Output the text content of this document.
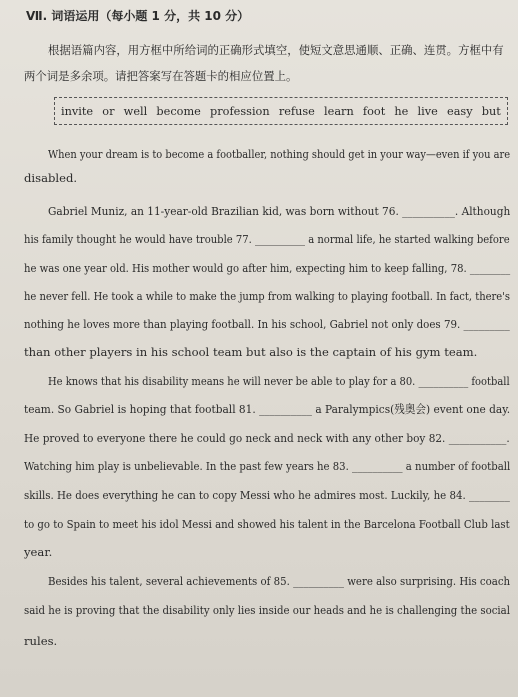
Ⅶ. 词语运用（每小题 1 分，共 10 分）
根据语篇内容，用方框中所给词的正确形式填空，使短文意思通顺、正确、连贯。方框中有
两个词是多余项。请把答案写在答题卡的相应位置上。
invite or well become profession refuse learn foot he live easy but
When your dream is to become a footballer, nothing should get in your way—even if you are
disabled.
Gabriel Muniz, an 11-year-old Brazilian kid, was born without 76. __________. Although
his family thought he would have trouble 77. __________ a normal life, he started walking before
he was one year old. His mother would go after him, expecting him to keep falling, 78. ________
he never fell. He took a while to make the jump from walking to playing football. In fact, there's
nothing he loves more than playing football. In his school, Gabriel not only does 79. _________
than other players in his school team but also is the captain of his gym team.
He knows that his disability means he will never be able to play for a 80. __________ football
team. So Gabriel is hoping that football 81. __________ a Paralympics(残奥会) event one day.
He proved to everyone there he could go neck and neck with any other boy 82. ___________.
Watching him play is unbelievable. In the past few years he 83. __________ a number of football
skills. He does everything he can to copy Messi who he admires most. Luckily, he 84. ________
to go to Spain to meet his idol Messi and showed his talent in the Barcelona Football Club last
year.
Besides his talent, several achievements of 85. __________ were also surprising. His coach
said he is proving that the disability only lies inside our heads and he is challenging the social
rules.
